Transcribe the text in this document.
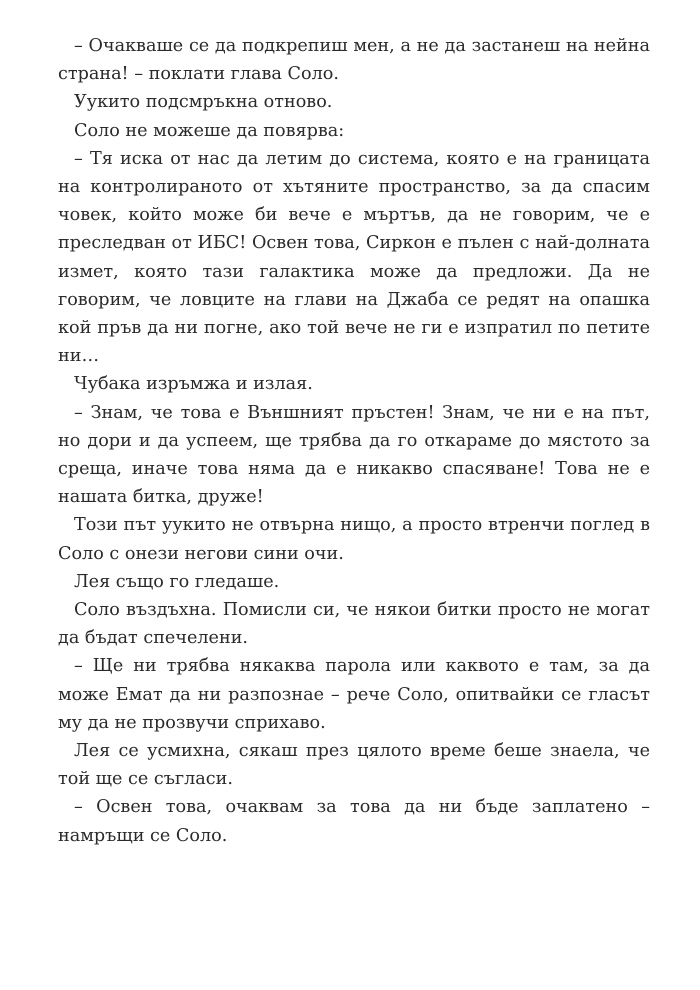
– Очакваше се да подкрепиш мен, а не да застанеш на нейна страна! – поклати глава Соло.

Уукито подсмръкна отново.

Соло не можеше да повярва:

– Тя иска от нас да летим до система, която е на границата на контролираното от хътяните пространство, за да спасим човек, който може би вече е мъртъв, да не говорим, че е преследван от ИБС! Освен това, Сиркон е пълен с най-долната измет, която тази галактика може да предложи. Да не говорим, че ловците на глави на Джаба се редят на опашка кой пръв да ни погне, ако той вече не ги е изпратил по петите ни…

Чубака изръмжа и излая.

– Знам, че това е Външният пръстен! Знам, че ни е на път, но дори и да успеем, ще трябва да го откараме до мястото за среща, иначе това няма да е никакво спасяване! Това не е нашата битка, друже!

Този път уукито не отвърна нищо, а просто втренчи поглед в Соло с онези негови сини очи.

Лея също го гледаше.

Соло въздъхна. Помисли си, че някои битки просто не могат да бъдат спечелени.

– Ще ни трябва някаква парола или каквото е там, за да може Емат да ни разпознае – рече Соло, опитвайки се гласът му да не прозвучи сприхаво.

Лея се усмихна, сякаш през цялото време беше знаела, че той ще се съгласи.

– Освен това, очаквам за това да ни бъде заплатено – намръщи се Соло.
